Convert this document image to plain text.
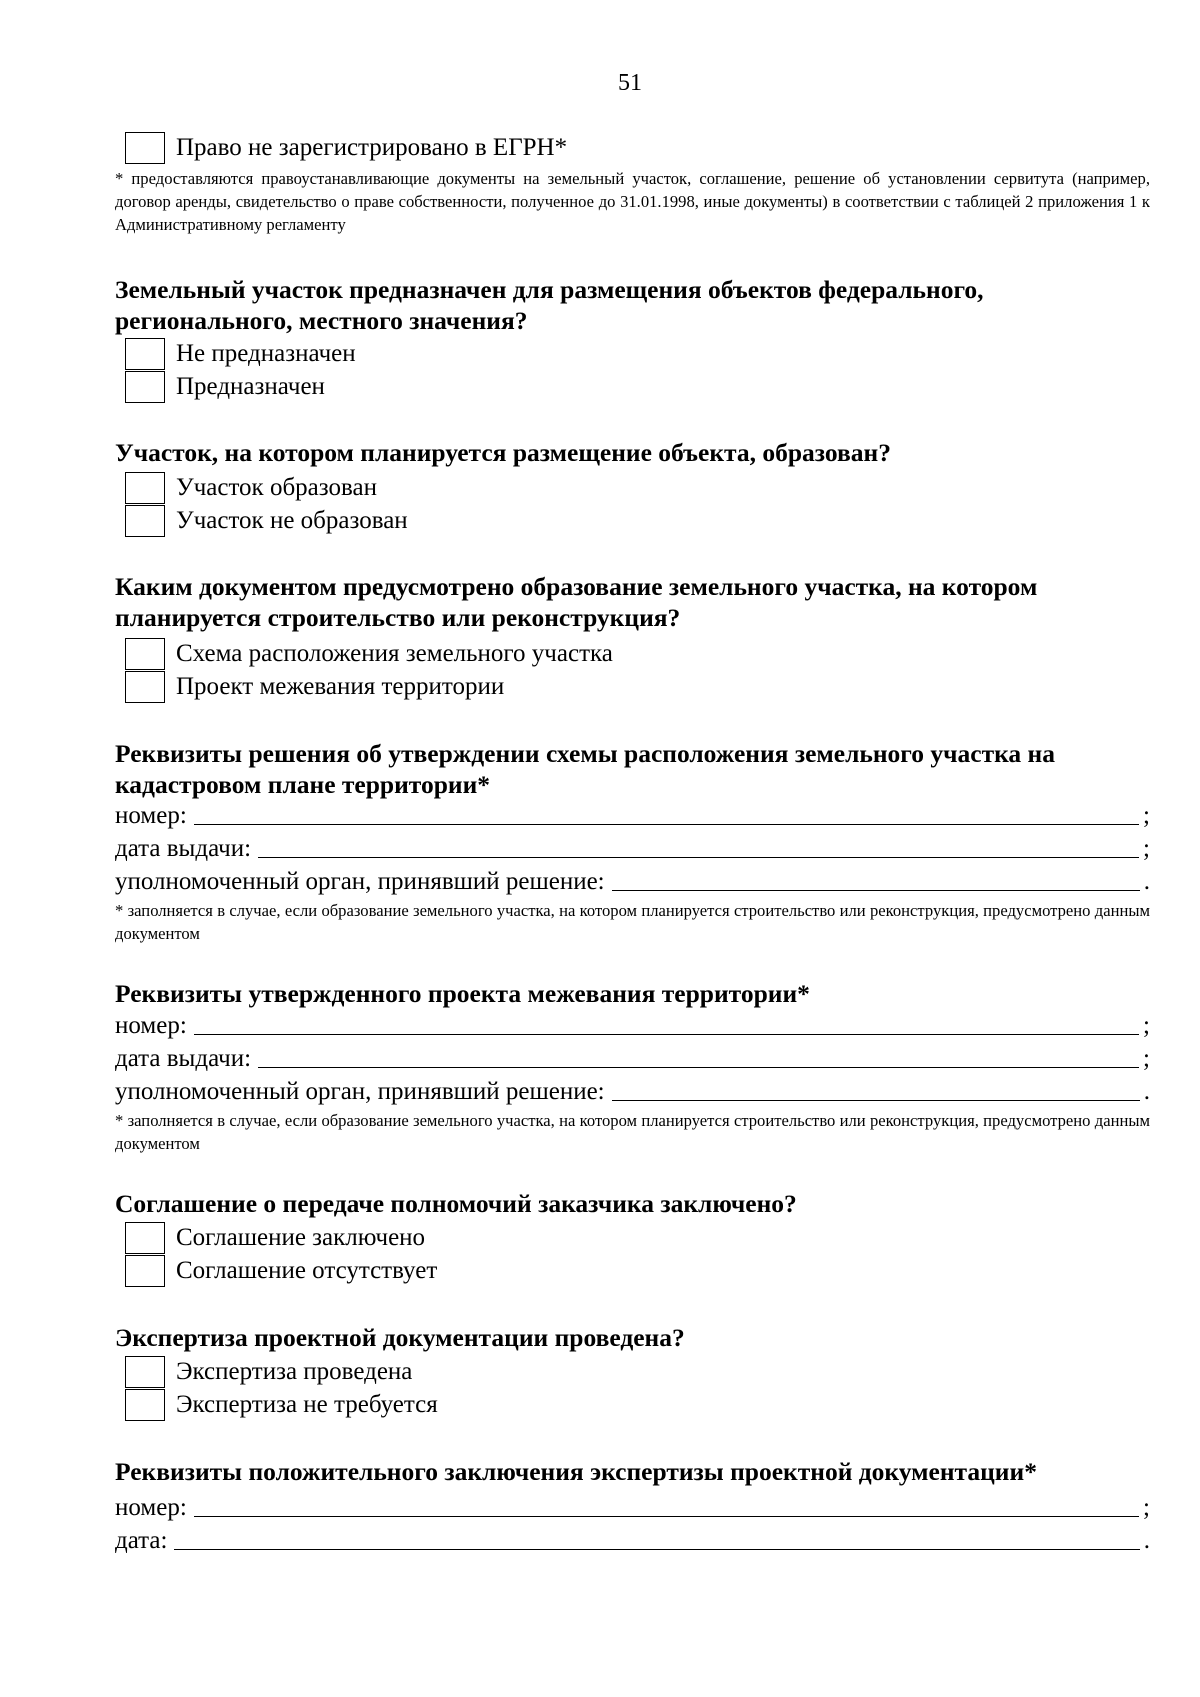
51
Право не зарегистрировано в ЕГРН*
* предоставляются правоустанавливающие документы на земельный участок, соглашение, решение об установлении сервитута (например, договор аренды, свидетельство о праве собственности, полученное до 31.01.1998, иные документы) в соответствии с таблицей 2 приложения 1 к Административному регламенту
Земельный участок предназначен для размещения объектов федерального, регионального, местного значения?
Не предназначен
Предназначен
Участок, на котором планируется размещение объекта, образован?
Участок образован
Участок не образован
Каким документом предусмотрено образование земельного участка, на котором планируется строительство или реконструкция?
Схема расположения земельного участка
Проект межевания территории
Реквизиты решения об утверждении схемы расположения земельного участка на кадастровом плане территории*
номер:	;
дата выдачи:	;
уполномоченный орган, принявший решение:	.
* заполняется в случае, если образование земельного участка, на котором планируется строительство или реконструкция, предусмотрено данным документом
Реквизиты утвержденного проекта межевания территории*
номер:	;
дата выдачи:	;
уполномоченный орган, принявший решение:	.
* заполняется в случае, если образование земельного участка, на котором планируется строительство или реконструкция, предусмотрено данным документом
Соглашение о передаче полномочий заказчика заключено?
Соглашение заключено
Соглашение отсутствует
Экспертиза проектной документации проведена?
Экспертиза проведена
Экспертиза не требуется
Реквизиты положительного заключения экспертизы проектной документации*
номер:	;
дата:	.
